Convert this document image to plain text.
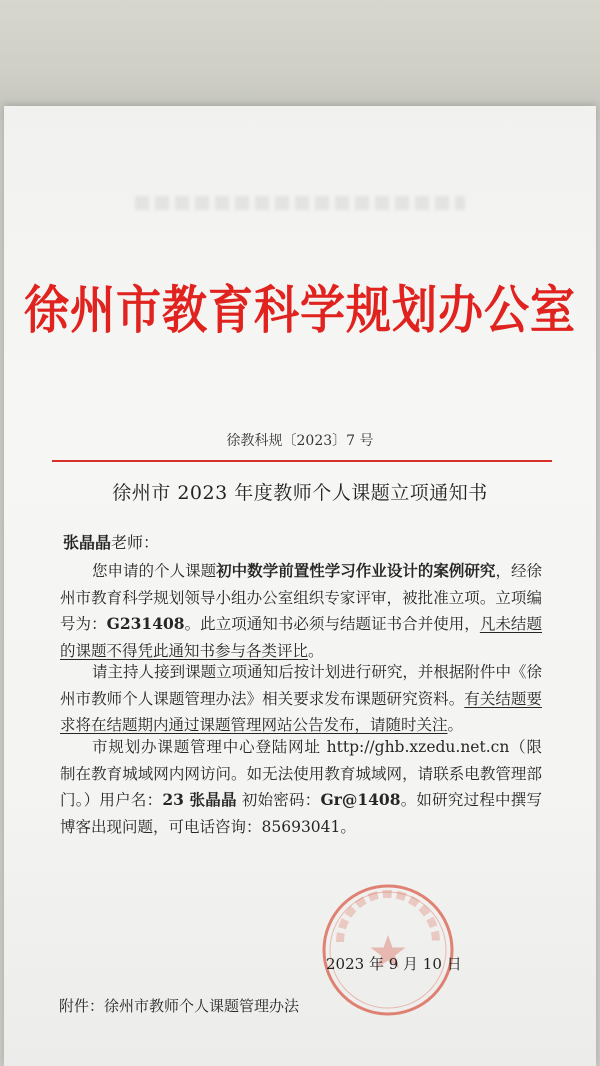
徐州市教育科学规划办公室
徐教科规〔2023〕7 号
徐州市 2023 年度教师个人课题立项通知书
张晶晶老师：

您申请的个人课题初中数学前置性学习作业设计的案例研究，经徐州市教育科学规划领导小组办公室组织专家评审，被批准立项。立项编号为：G231408。此立项通知书必须与结题证书合并使用，凡未结题的课题不得凭此通知书参与各类评比。

请主持人接到课题立项通知后按计划进行研究，并根据附件中《徐州市教师个人课题管理办法》相关要求发布课题研究资料。有关结题要求将在结题期内通过课题管理网站公告发布，请随时关注。

市规划办课题管理中心登陆网址 http://ghb.xzedu.net.cn（限制在教育城域网内网访问。如无法使用教育城域网，请联系电教管理部门。）用户名：23 张晶晶 初始密码：Gr@1408。如研究过程中撰写博客出现问题，可电话咨询：85693041。

2023 年 9 月 10 日
附件：徐州市教师个人课题管理办法
